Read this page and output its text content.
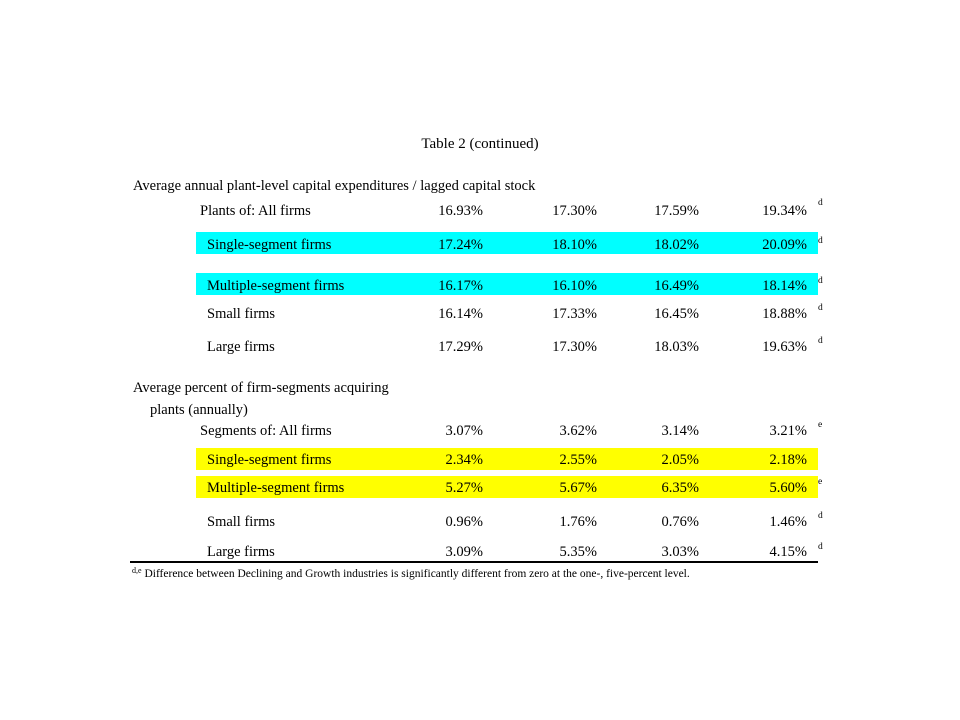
Table 2 (continued)
Average annual plant-level capital expenditures / lagged capital stock
Plants of: All firms	16.93%	17.30%	17.59%	19.34% d
Single-segment firms	17.24%	18.10%	18.02%	20.09% d
Multiple-segment firms	16.17%	16.10%	16.49%	18.14% d
Small firms	16.14%	17.33%	16.45%	18.88% d
Large firms	17.29%	17.30%	18.03%	19.63% d
Average percent of firm-segments acquiring
plants (annually)
Segments of: All firms	3.07%	3.62%	3.14%	3.21% e
Single-segment firms	2.34%	2.55%	2.05%	2.18%
Multiple-segment firms	5.27%	5.67%	6.35%	5.60% e
Small firms	0.96%	1.76%	0.76%	1.46% d
Large firms	3.09%	5.35%	3.03%	4.15% d
$^{d,e}$ Difference between Declining and Growth industries is significantly different from zero at the one-, five-percent level.
